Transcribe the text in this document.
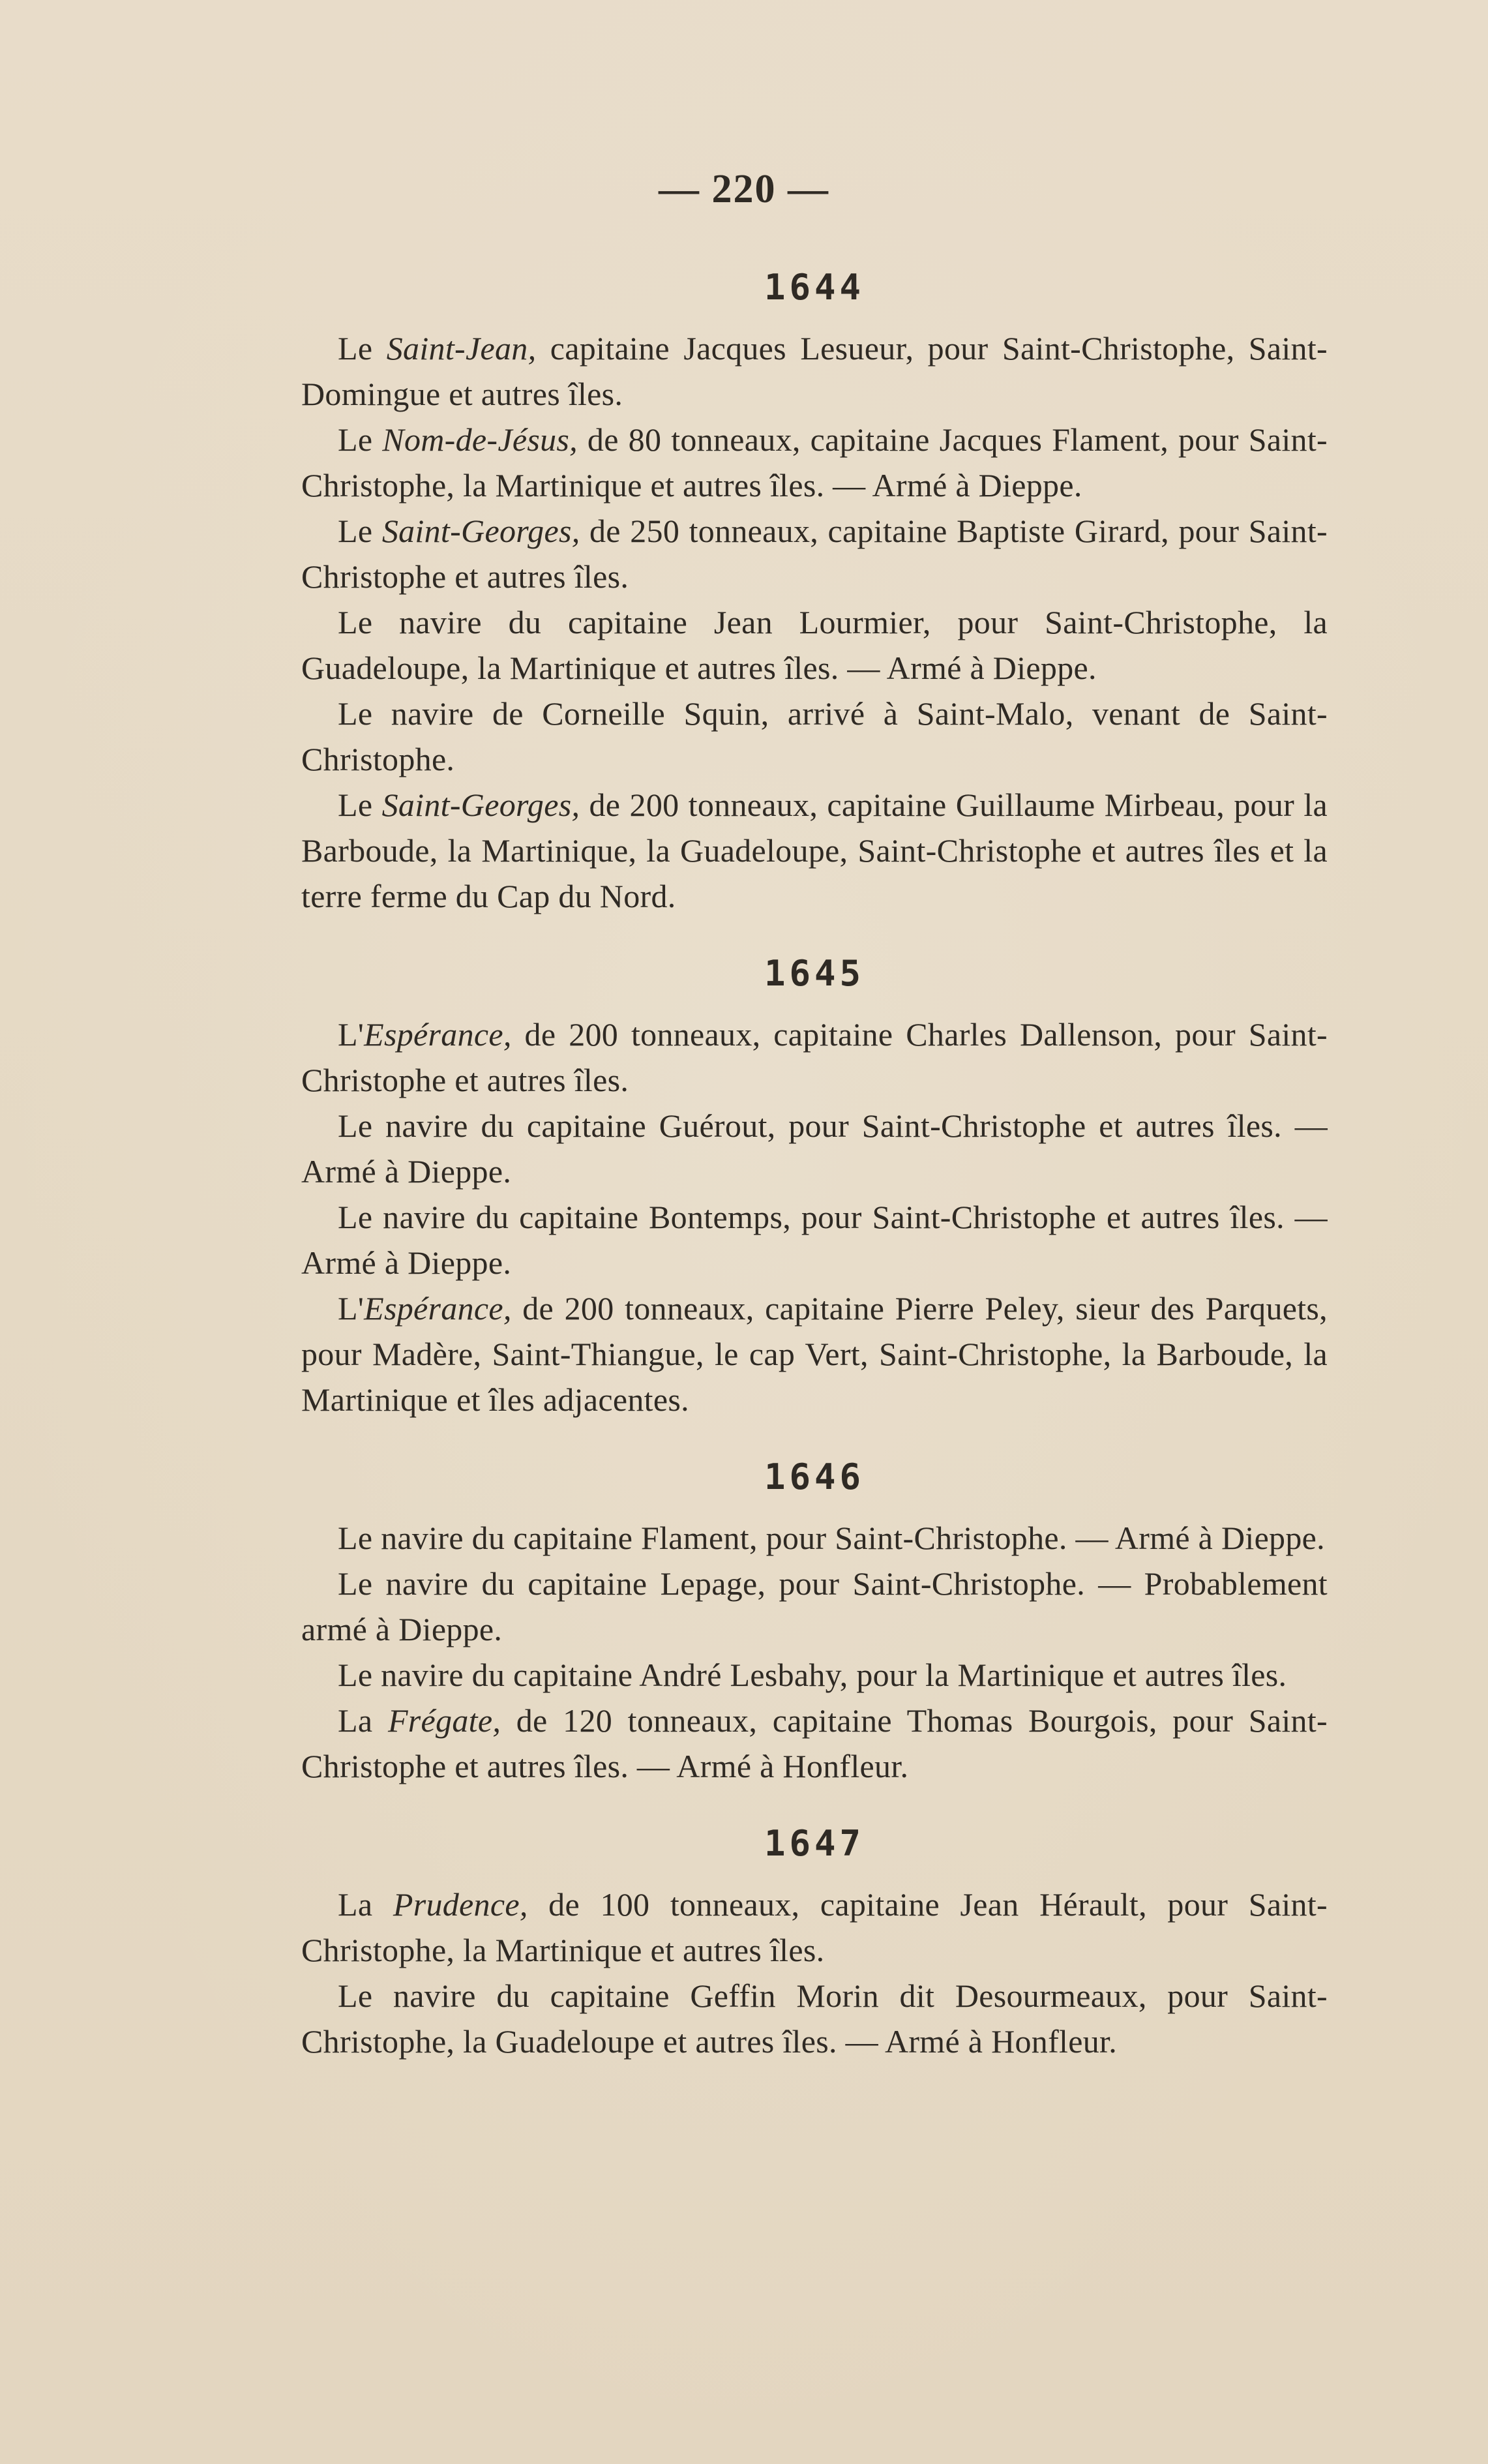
— 220 —
1644

Le Saint-Jean, capitaine Jacques Lesueur, pour Saint-Christophe, Saint-Domingue et autres îles.

Le Nom-de-Jésus, de 80 tonneaux, capitaine Jacques Flament, pour Saint-Christophe, la Martinique et autres îles. — Armé à Dieppe.

Le Saint-Georges, de 250 tonneaux, capitaine Baptiste Girard, pour Saint-Christophe et autres îles.

Le navire du capitaine Jean Lourmier, pour Saint-Christophe, la Guadeloupe, la Martinique et autres îles. — Armé à Dieppe.

Le navire de Corneille Squin, arrivé à Saint-Malo, venant de Saint-Christophe.

Le Saint-Georges, de 200 tonneaux, capitaine Guillaume Mirbeau, pour la Barboude, la Martinique, la Guadeloupe, Saint-Christophe et autres îles et la terre ferme du Cap du Nord.

1645

L'Espérance, de 200 tonneaux, capitaine Charles Dallenson, pour Saint-Christophe et autres îles.

Le navire du capitaine Guérout, pour Saint-Christophe et autres îles. — Armé à Dieppe.

Le navire du capitaine Bontemps, pour Saint-Christophe et autres îles. — Armé à Dieppe.

L'Espérance, de 200 tonneaux, capitaine Pierre Peley, sieur des Parquets, pour Madère, Saint-Thiangue, le cap Vert, Saint-Christophe, la Barboude, la Martinique et îles adjacentes.

1646

Le navire du capitaine Flament, pour Saint-Christophe. — Armé à Dieppe.

Le navire du capitaine Lepage, pour Saint-Christophe. — Probablement armé à Dieppe.

Le navire du capitaine André Lesbahy, pour la Martinique et autres îles.

La Frégate, de 120 tonneaux, capitaine Thomas Bourgois, pour Saint-Christophe et autres îles. — Armé à Honfleur.

1647

La Prudence, de 100 tonneaux, capitaine Jean Hérault, pour Saint-Christophe, la Martinique et autres îles.

Le navire du capitaine Geffin Morin dit Desourmeaux, pour Saint-Christophe, la Guadeloupe et autres îles. — Armé à Honfleur.
